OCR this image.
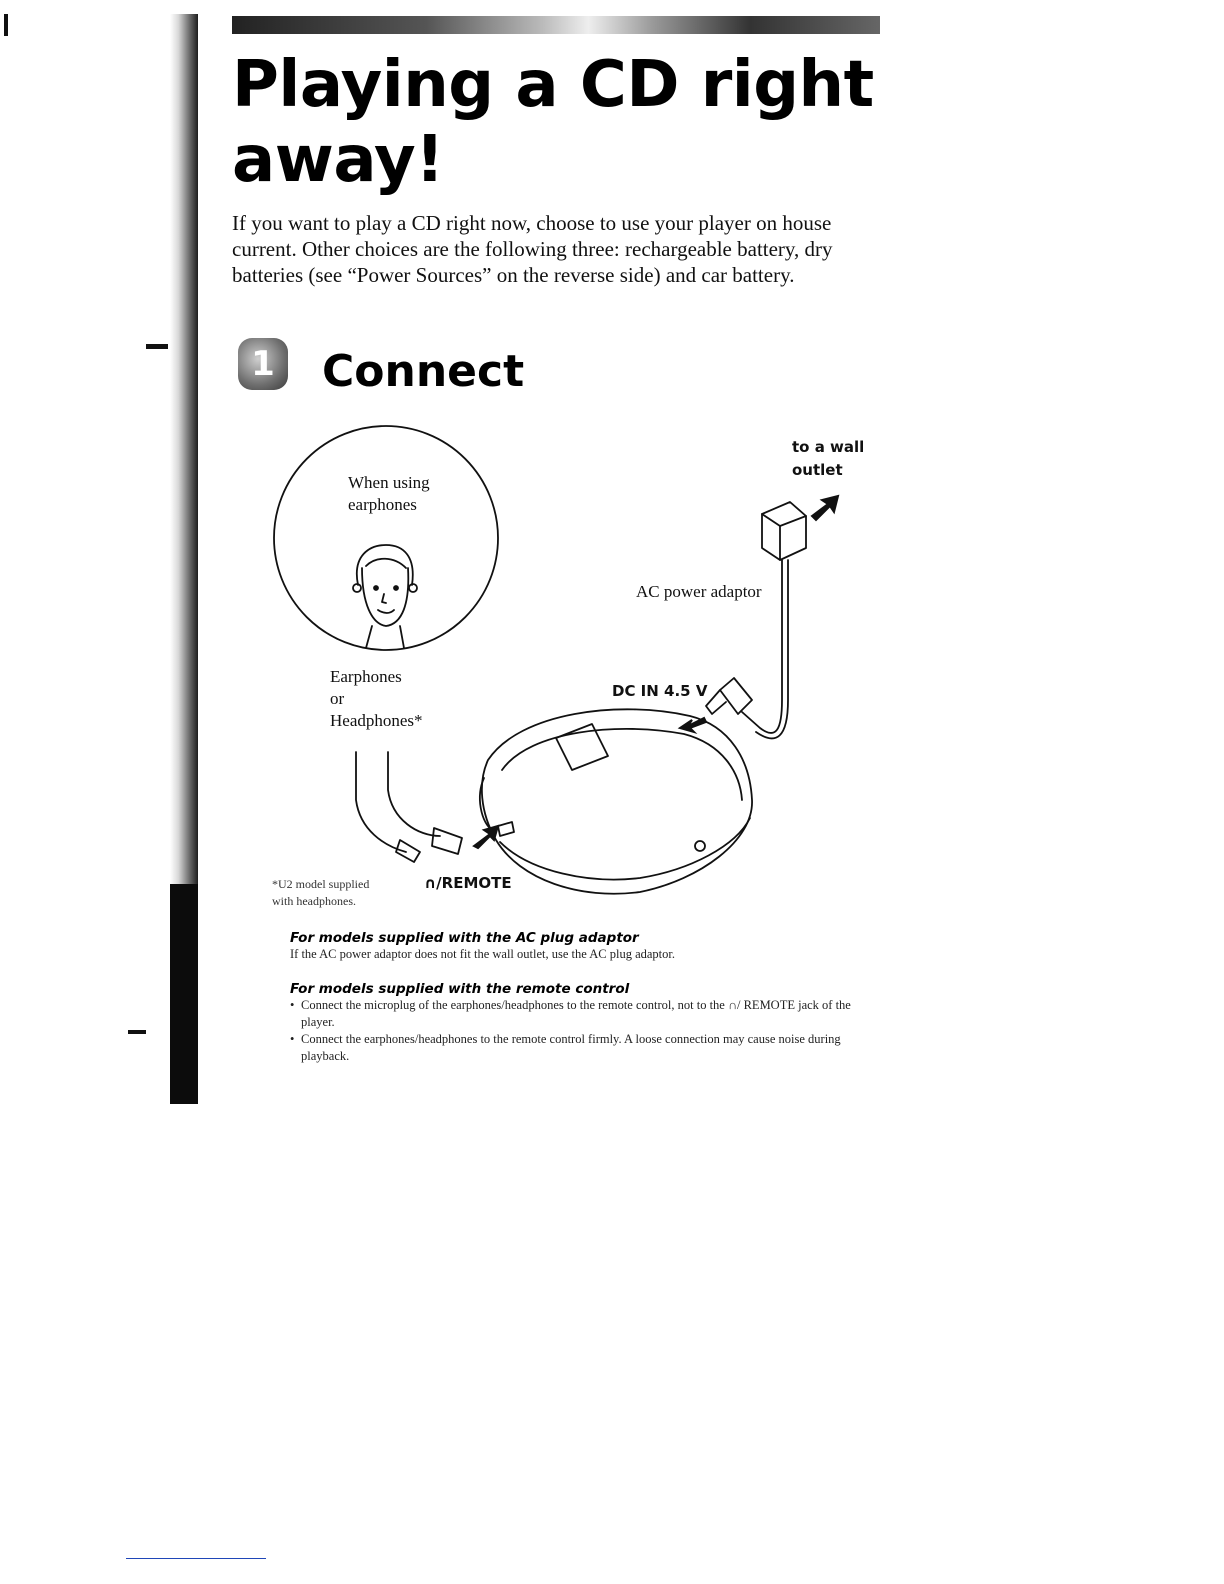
Playing a CD right
away!

If you want to play a CD right now, choose to use your player on house current. Other choices are the following three: rechargeable battery, dry batteries (see “Power Sources” on the reverse side) and car battery.

1 Connect

to a wall outlet

AC power adaptor

DC IN 4.5 V

When using earphones

Earphones
or
Headphones*

∩/REMOTE

*U2 model supplied
with headphones.

For models supplied with the AC plug adaptor

If the AC power adaptor does not fit the wall outlet, use the AC plug adaptor.

For models supplied with the remote control

• Connect the microplug of the earphones/headphones to the remote control, not to the ∩/ REMOTE jack of the player.
• Connect the earphones/headphones to the remote control firmly. A loose connection may cause noise during playback.
